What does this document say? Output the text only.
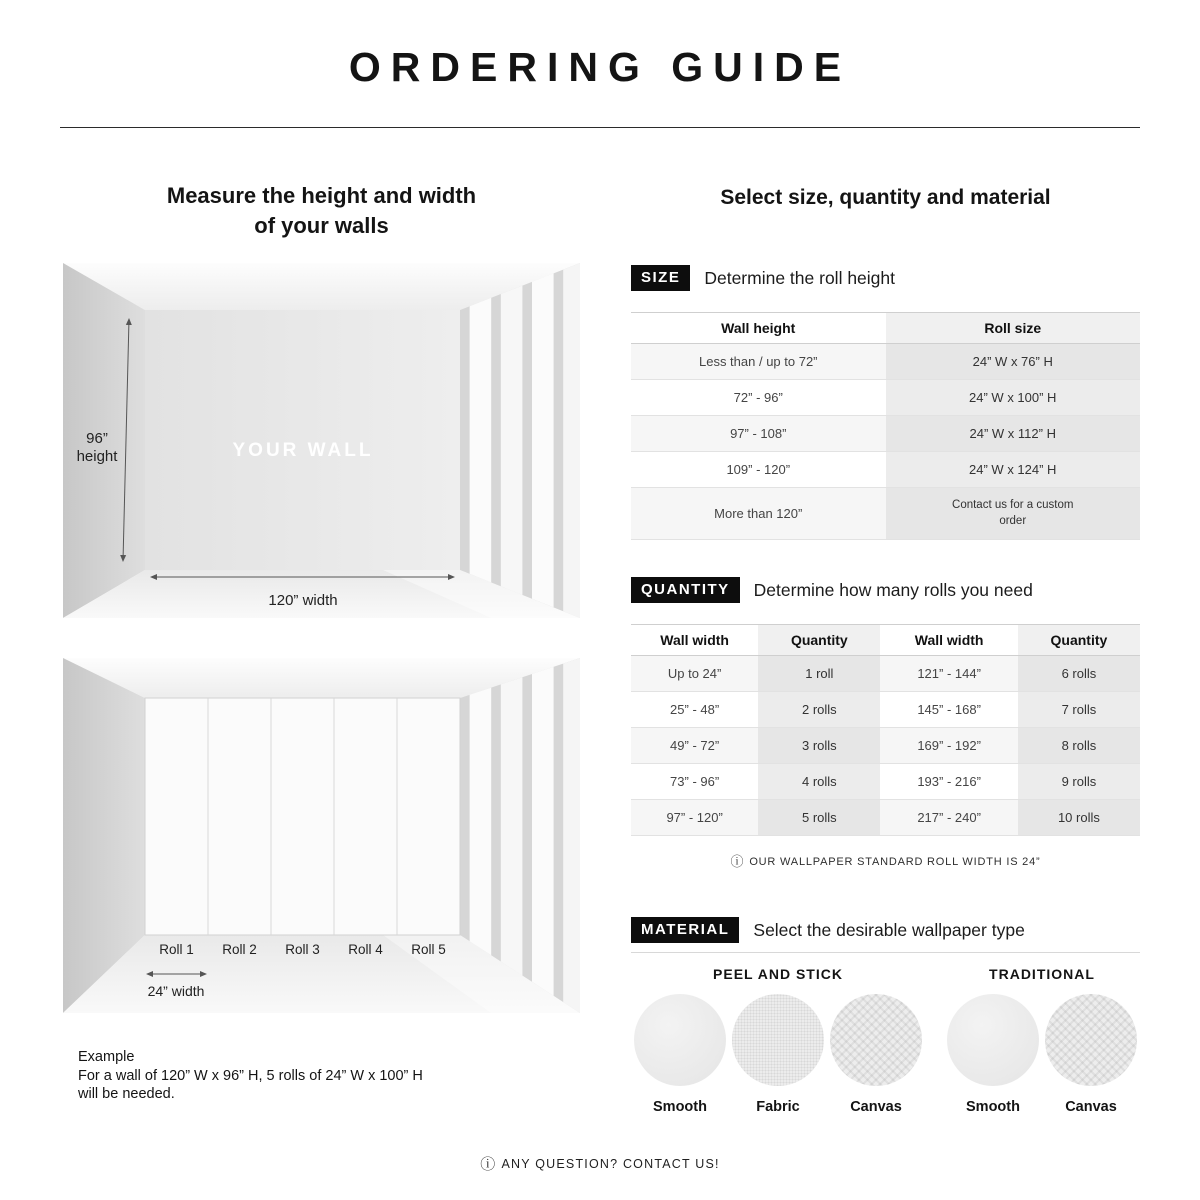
ORDERING GUIDE
Measure the height and width
of your walls
YOUR WALL
96”
height
120” width
Roll 1 Roll 2 Roll 3 Roll 4 Roll 5
24” width
Example
For a wall of 120” W x 96” H, 5 rolls of 24” W x 100” H
will be needed.
Select size, quantity and material
SIZE	Determine the roll height
Wall height	Roll size
Less than / up to 72”	24” W x 76” H
72” - 96”	24” W x 100” H
97” - 108”	24” W x 112” H
109” - 120”	24” W x 124” H
More than 120”	Contact us for a custom order
QUANTITY	Determine how many rolls you need
Wall width	Quantity	Wall width	Quantity
Up to 24”	1 roll	121” - 144”	6 rolls
25” - 48”	2 rolls	145” - 168”	7 rolls
49” - 72”	3 rolls	169” - 192”	8 rolls
73” - 96”	4 rolls	193” - 216”	9 rolls
97” - 120”	5 rolls	217” - 240”	10 rolls
ⓘ OUR WALLPAPER STANDARD ROLL WIDTH IS 24”
MATERIAL	Select the desirable wallpaper type
PEEL AND STICK
Smooth	Fabric	Canvas
TRADITIONAL
Smooth	Canvas
ⓘ ANY QUESTION? CONTACT US!
